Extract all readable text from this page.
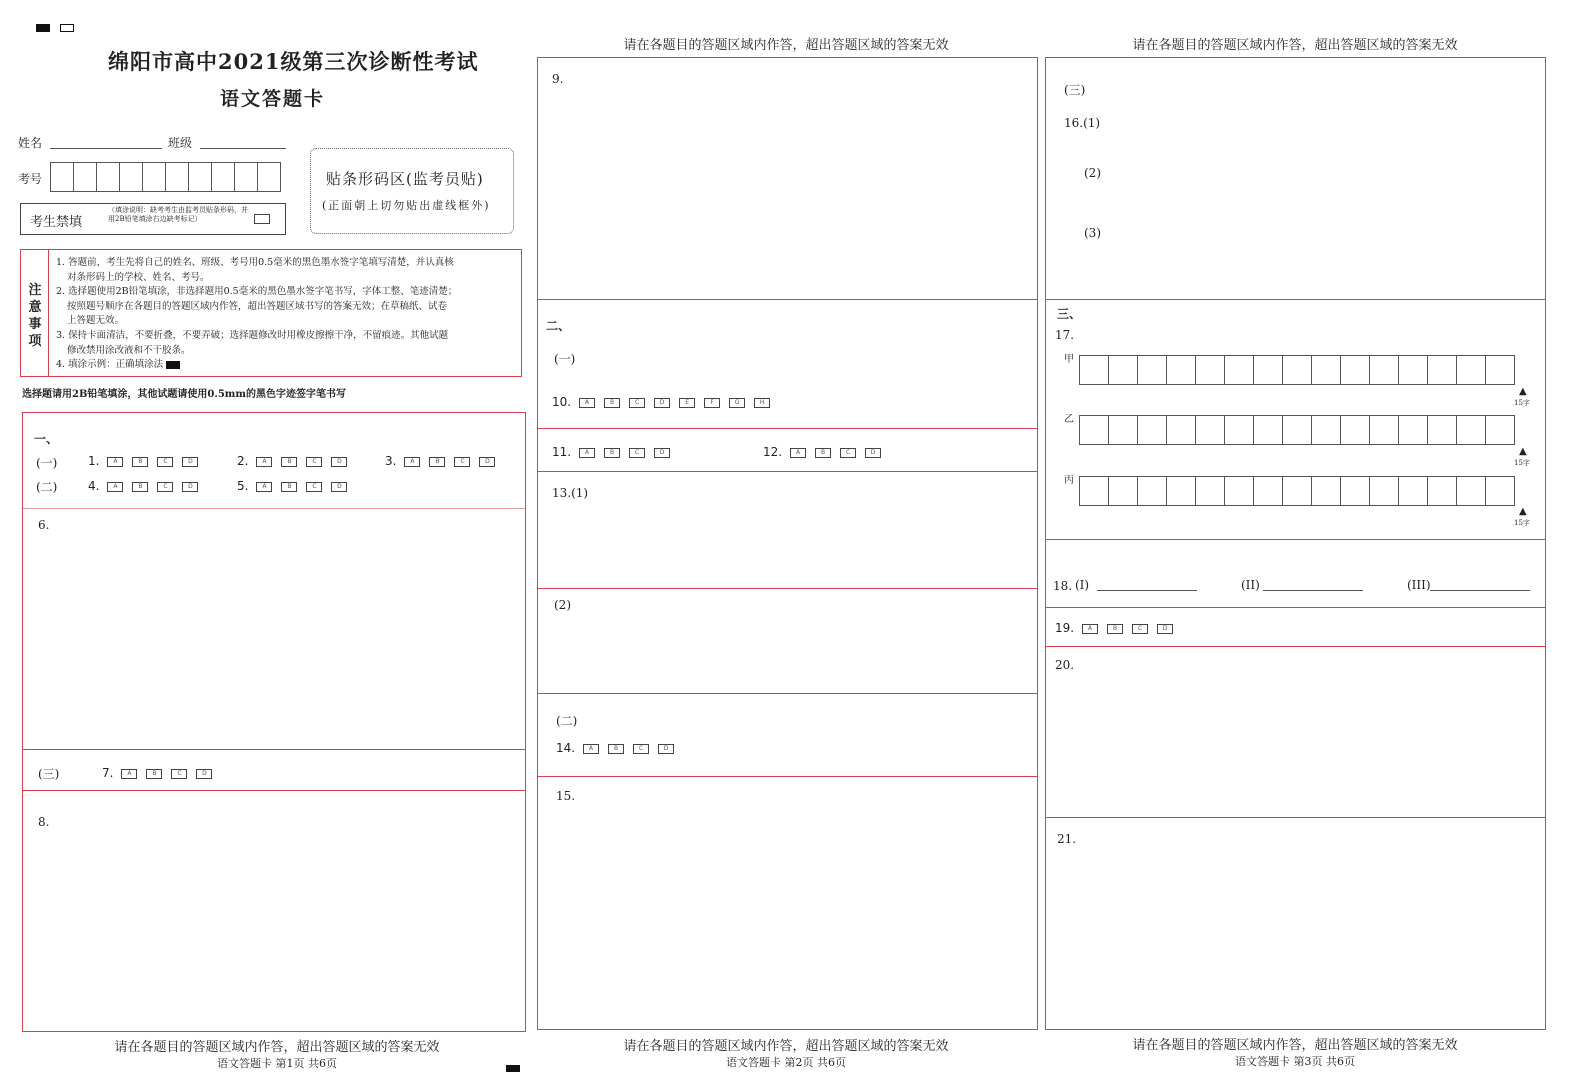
绵阳市高中2021级第三次诊断性考试
语文答题卡
姓名	班级
考号
考生禁填
（填涂说明：缺考考生由监考员贴条形码，并用2B铅笔填涂右边缺考标记）
贴条形码区(监考员贴)
(正面朝上切勿贴出虚线框外)
注
意
事
项
1. 答题前，考生先将自己的姓名、班级、考号用0.5毫米的黑色墨水签字笔填写清楚，并认真核
对条形码上的学校、姓名、考号。
2. 选择题使用2B铅笔填涂，非选择题用0.5毫米的黑色墨水签字笔书写，字体工整、笔迹清楚；
按照题号顺序在各题目的答题区域内作答，超出答题区域书写的答案无效；在草稿纸、试卷
上答题无效。
3. 保持卡面清洁，不要折叠，不要弄破；选择题修改时用橡皮擦擦干净，不留痕迹。其他试题
修改禁用涂改液和不干胶条。
4. 填涂示例：正确填涂法
选择题请用2B铅笔填涂，其他试题请使用0.5mm的黑色字迹签字笔书写
一、
(一)	1. A	B	C	D	2. A	B	C	D	3. A	B	C	D
(二)	4. A	B	C	D	5. A	B	C	D
6.
(三)	7. A	B	C	D
8.
请在各题目的答题区域内作答，超出答题区域的答案无效
语文答题卡 第1页 共6页
请在各题目的答题区域内作答，超出答题区域的答案无效
9.
二、
(一)
10. A	B	C	D	E	F	G	H
11. A	B	C	D	12. A	B	C	D
13.(1)
(2)
(二)
14. A	B	C	D
15.
请在各题目的答题区域内作答，超出答题区域的答案无效
语文答题卡 第2页 共6页
请在各题目的答题区域内作答，超出答题区域的答案无效
(三)
16.(1)
(2)
(3)
三、
17.
甲
▲
15字
乙
▲
15字
丙
▲
15字
18. (I)	(II)	(III)
19. A	B	C	D
20.
21.
请在各题目的答题区域内作答，超出答题区域的答案无效
语文答题卡 第3页 共6页
